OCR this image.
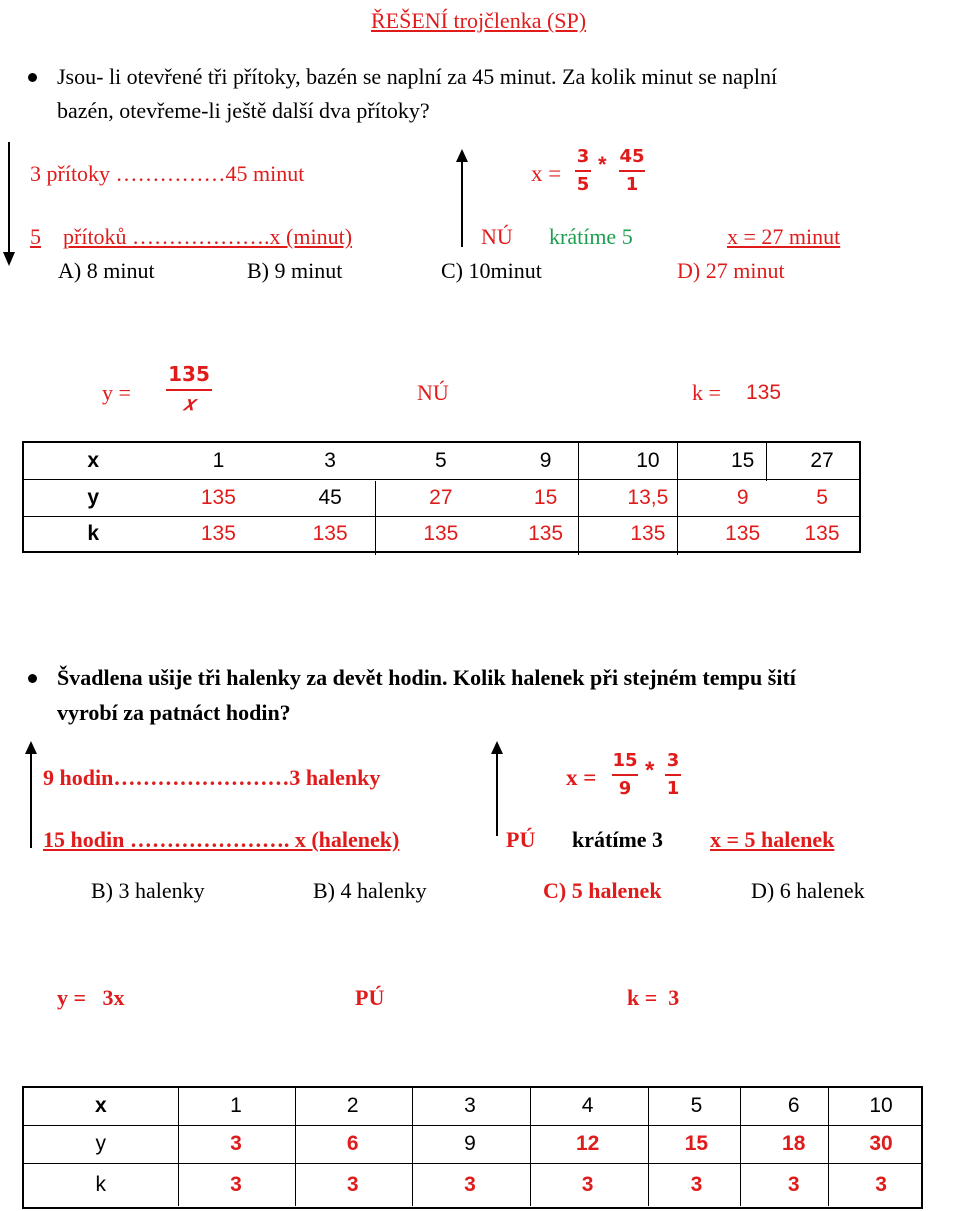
ŘEŠENÍ trojčlenka (SP)
Jsou- li otevřené tři přítoky, bazén se naplní za 45 minut. Za kolik minut se naplní
bazén, otevřeme-li ještě další dva přítoky?
3 přítoky ……………45 minut	x =
3
5
* 45
1
5 přítoků ……………….x (minut)	NÚ krátíme 5	x = 27 minut
A) 8 minut	B) 9 minut	C) 10minut	D) 27 minut
y =
135
𝑥	NÚ	k = 135
x	1	3	5	9	10	15	27
y	135	45	27	15	13,5	9	5
k	135	135	135	135	135	135	135
Švadlena ušije tři halenky za devět hodin. Kolik halenek při stejném tempu šití
vyrobí za patnáct hodin?
9 hodin……………………3 halenky	x =
15
9
* 3
1
15 hodin …………………. x (halenek)	PÚ krátíme 3 x = 5 halenek
B) 3 halenky	B) 4 halenky	C) 5 halenek	D) 6 halenek
y =   3x	PÚ	k =  3
x	1	2	3	4	5	6	10
y	3	6	9	12	15	18	30
k	3	3	3	3	3	3	3
